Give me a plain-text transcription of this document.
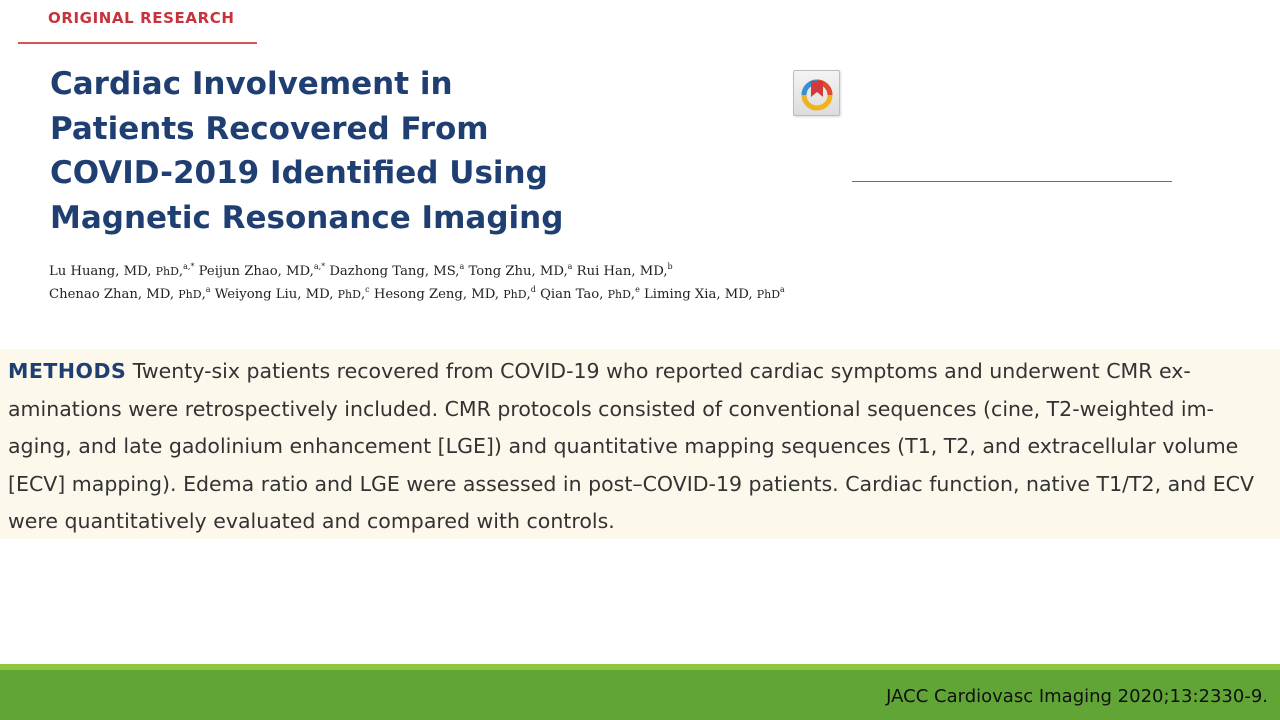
ORIGINAL RESEARCH
Cardiac Involvement in
Patients Recovered From
COVID-2019 Identified Using
Magnetic Resonance Imaging
Lu Huang, MD, PhD,$^{a,*}$ Peijun Zhao, MD,$^{a,*}$ Dazhong Tang, MS,$^a$ Tong Zhu, MD,$^a$ Rui Han, MD,$^b$
Chenao Zhan, MD, PhD,$^a$ Weiyong Liu, MD, PhD,$^c$ Hesong Zeng, MD, PhD,$^d$ Qian Tao, PhD,$^e$ Liming Xia, MD, PhD$^a$
METHODS Twenty-six patients recovered from COVID-19 who reported cardiac symptoms and underwent CMR ex-
aminations were retrospectively included. CMR protocols consisted of conventional sequences (cine, T2-weighted im-
aging, and late gadolinium enhancement [LGE]) and quantitative mapping sequences (T1, T2, and extracellular volume
[ECV] mapping). Edema ratio and LGE were assessed in post–COVID-19 patients. Cardiac function, native T1/T2, and ECV
were quantitatively evaluated and compared with controls.
JACC Cardiovasc Imaging 2020;13:2330-9.
